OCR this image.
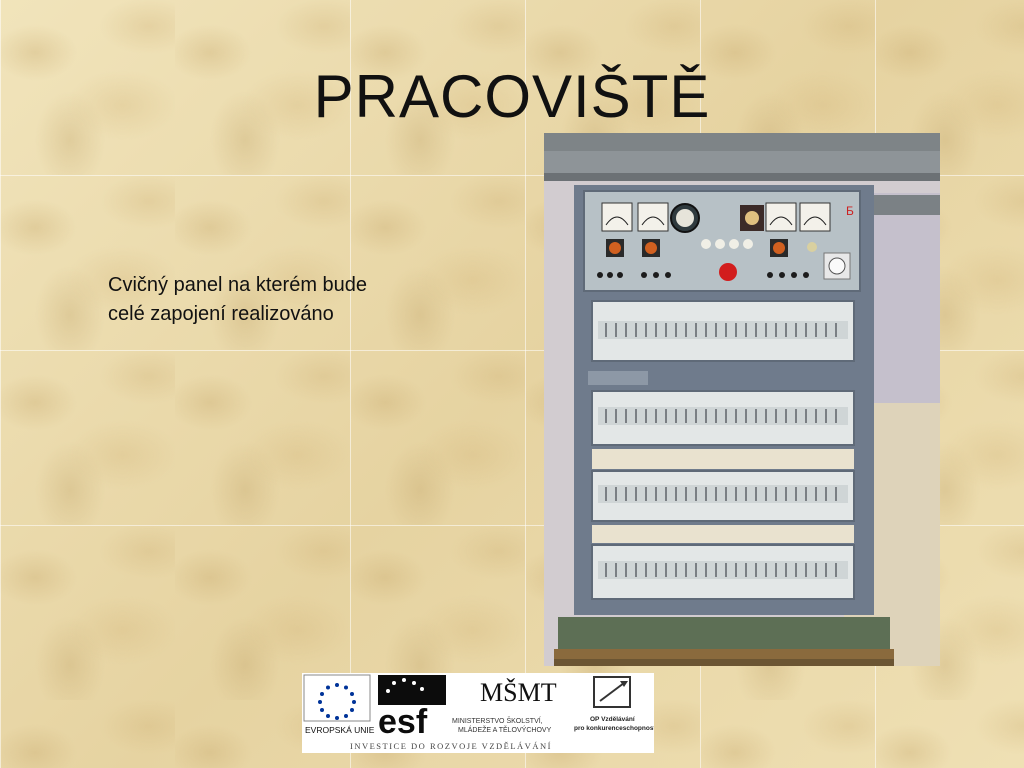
PRACOVIŠTĚ
Cvičný panel na kterém bude celé zapojení realizováno
Б
EVROPSKÁ UNIE esf
MŠMT
MINISTERSTVO ŠKOLSTVÍ,
MLÁDEŽE A TĚLOVÝCHOVY
OP Vzdělávání
pro konkurenceschopnost
INVESTICE DO ROZVOJE VZDĚLÁVÁNÍ
